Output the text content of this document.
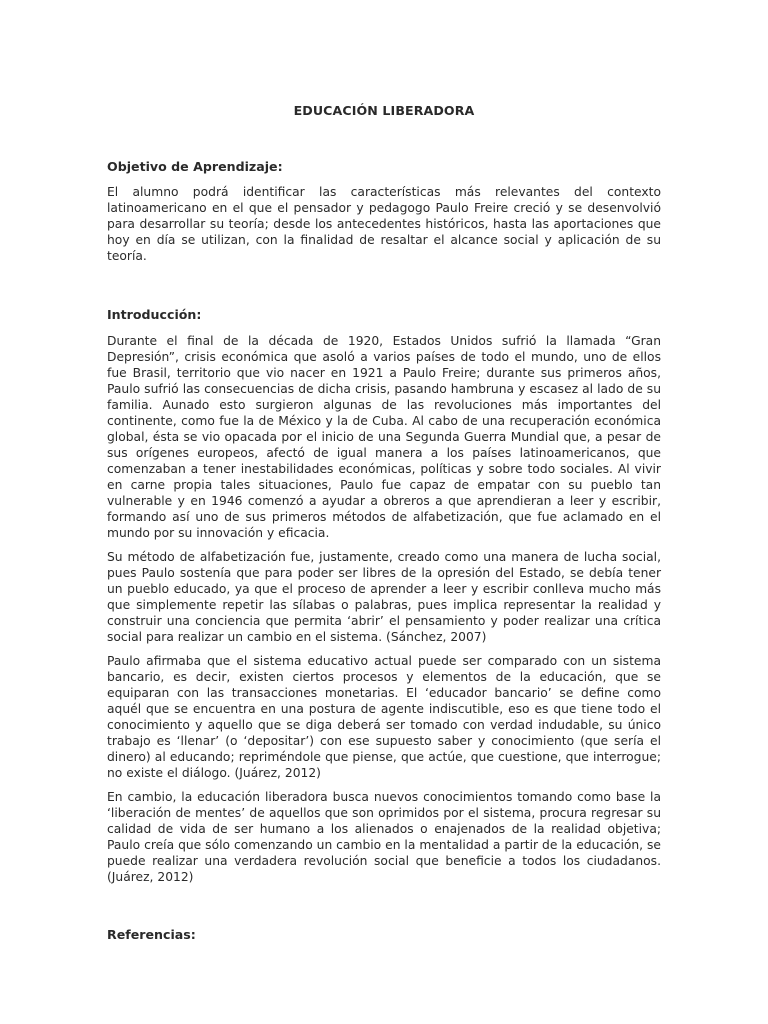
EDUCACIÓN LIBERADORA
Objetivo de Aprendizaje:

El alumno podrá identificar las características más relevantes del contexto latinoamericano en el que el pensador y pedagogo Paulo Freire creció y se desenvolvió para desarrollar su teoría; desde los antecedentes históricos, hasta las aportaciones que hoy en día se utilizan, con la finalidad de resaltar el alcance social y aplicación de su teoría.

Introducción:

Durante el final de la década de 1920, Estados Unidos sufrió la llamada “Gran Depresión”, crisis económica que asoló a varios países de todo el mundo, uno de ellos fue Brasil, territorio que vio nacer en 1921 a Paulo Freire; durante sus primeros años, Paulo sufrió las consecuencias de dicha crisis, pasando hambruna y escasez al lado de su familia. Aunado esto surgieron algunas de las revoluciones más importantes del continente, como fue la de México y la de Cuba. Al cabo de una recuperación económica global, ésta se vio opacada por el inicio de una Segunda Guerra Mundial que, a pesar de sus orígenes europeos, afectó de igual manera a los países latinoamericanos, que comenzaban a tener inestabilidades económicas, políticas y sobre todo sociales. Al vivir en carne propia tales situaciones, Paulo fue capaz de empatar con su pueblo tan vulnerable y en 1946 comenzó a ayudar a obreros a que aprendieran a leer y escribir, formando así uno de sus primeros métodos de alfabetización, que fue aclamado en el mundo por su innovación y eficacia.

Su método de alfabetización fue, justamente, creado como una manera de lucha social, pues Paulo sostenía que para poder ser libres de la opresión del Estado, se debía tener un pueblo educado, ya que el proceso de aprender a leer y escribir conlleva mucho más que simplemente repetir las sílabas o palabras, pues implica representar la realidad y construir una conciencia que permita ‘abrir’ el pensamiento y poder realizar una crítica social para realizar un cambio en el sistema. (Sánchez, 2007)

Paulo afirmaba que el sistema educativo actual puede ser comparado con un sistema bancario, es decir, existen ciertos procesos y elementos de la educación, que se equiparan con las transacciones monetarias. El ‘educador bancario’ se define como aquél que se encuentra en una postura de agente indiscutible, eso es que tiene todo el conocimiento y aquello que se diga deberá ser tomado con verdad indudable, su único trabajo es ‘llenar’ (o ‘depositar’) con ese supuesto saber y conocimiento (que sería el dinero) al educando; repriméndole que piense, que actúe, que cuestione, que interrogue; no existe el diálogo. (Juárez, 2012)

En cambio, la educación liberadora busca nuevos conocimientos tomando como base la ‘liberación de mentes’ de aquellos que son oprimidos por el sistema, procura regresar su calidad de vida de ser humano a los alienados o enajenados de la realidad objetiva; Paulo creía que sólo comenzando un cambio en la mentalidad a partir de la educación, se puede realizar una verdadera revolución social que beneficie a todos los ciudadanos. (Juárez, 2012)

Referencias:
